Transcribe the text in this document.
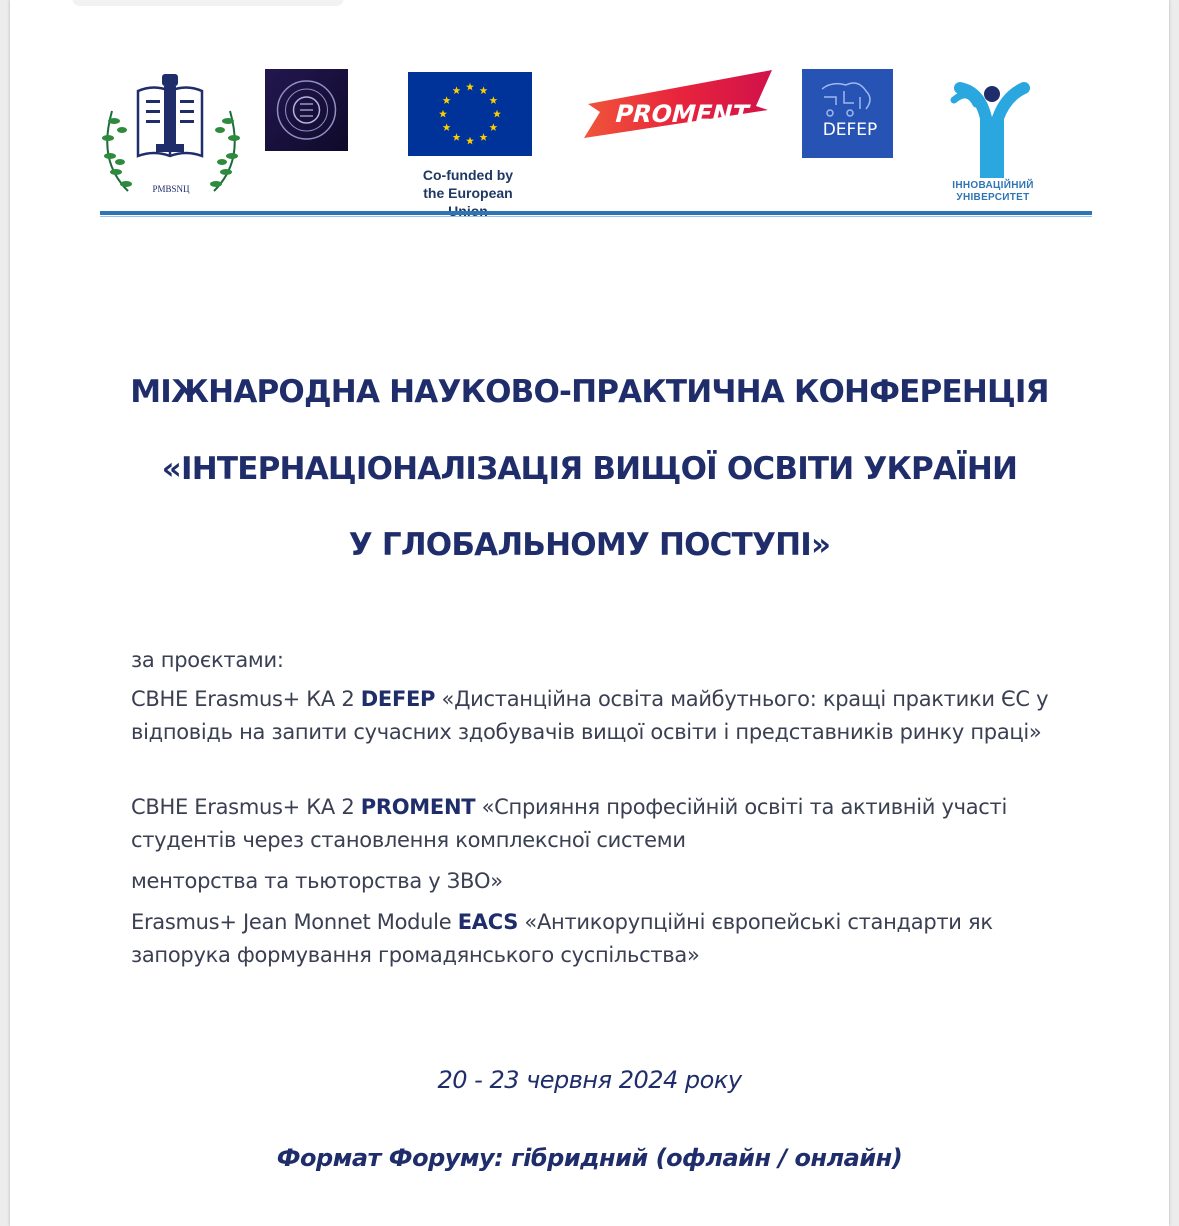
РМВSNЦ
Co-funded by
the European
PROMENT
DEFEP
ІННОВАЦІЙНИЙ
УНІВЕРСИТЕТ
МІЖНАРОДНА НАУКОВО-ПРАКТИЧНА КОНФЕРЕНЦІЯ
«ІНТЕРНАЦІОНАЛІЗАЦІЯ ВИЩОЇ ОСВІТИ УКРАЇНИ
У ГЛОБАЛЬНОМУ ПОСТУПІ»
за проєктами:
СВНЕ Erasmus+ КА 2 DEFEP «Дистанційна освіта майбутнього: кращі практики ЄС у відповідь на запити сучасних здобувачів вищої освіти і представників ринку праці»
СВНЕ Erasmus+ КА 2 PROMENT «Сприяння професійній освіті та активній участі студентів через становлення комплексної системи
менторства та тьюторства у ЗВО»
Erasmus+ Jean Monnet Module EACS «Антикорупційні європейські стандарти як запорука формування громадянського суспільства»
20 - 23 червня 2024 року
Формат Форуму: гібридний (офлайн / онлайн)
